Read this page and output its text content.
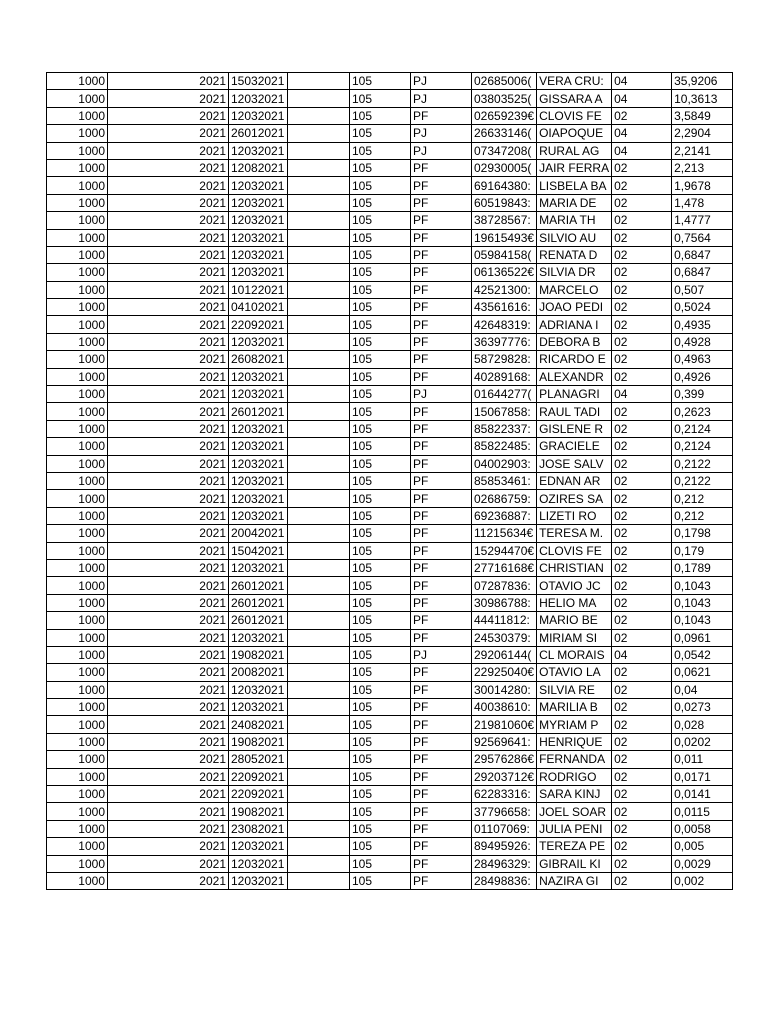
1000	2021	15032021		105	PJ	02685006(	VERA CRU:	04	35,9206
1000	2021	12032021		105	PJ	03803525(	GISSARA A	04	10,3613
1000	2021	12032021		105	PF	02659239€	CLOVIS FE	02	3,5849
1000	2021	26012021		105	PJ	26633146(	OIAPOQUE	04	2,2904
1000	2021	12032021		105	PJ	07347208(	RURAL AG	04	2,2141
1000	2021	12082021		105	PF	02930005(	JAIR FERRA	02	2,213
1000	2021	12032021		105	PF	69164380:	LISBELA BA	02	1,9678
1000	2021	12032021		105	PF	60519843:	MARIA DE	02	1,478
1000	2021	12032021		105	PF	38728567:	MARIA TH	02	1,4777
1000	2021	12032021		105	PF	19615493€	SILVIO AU	02	0,7564
1000	2021	12032021		105	PF	05984158(	RENATA D	02	0,6847
1000	2021	12032021		105	PF	06136522€	SILVIA DR	02	0,6847
1000	2021	10122021		105	PF	42521300:	MARCELO	02	0,507
1000	2021	04102021		105	PF	43561616:	JOAO PEDI	02	0,5024
1000	2021	22092021		105	PF	42648319:	ADRIANA I	02	0,4935
1000	2021	12032021		105	PF	36397776:	DEBORA B	02	0,4928
1000	2021	26082021		105	PF	58729828:	RICARDO E	02	0,4963
1000	2021	12032021		105	PF	40289168:	ALEXANDR	02	0,4926
1000	2021	12032021		105	PJ	01644277(	PLANAGRI	04	0,399
1000	2021	26012021		105	PF	15067858:	RAUL TADI	02	0,2623
1000	2021	12032021		105	PF	85822337:	GISLENE R	02	0,2124
1000	2021	12032021		105	PF	85822485:	GRACIELE	02	0,2124
1000	2021	12032021		105	PF	04002903:	JOSE SALV	02	0,2122
1000	2021	12032021		105	PF	85853461:	EDNAN AR	02	0,2122
1000	2021	12032021		105	PF	02686759:	OZIRES SA	02	0,212
1000	2021	12032021		105	PF	69236887:	LIZETI RO	02	0,212
1000	2021	20042021		105	PF	11215634€	TERESA M.	02	0,1798
1000	2021	15042021		105	PF	15294470€	CLOVIS FE	02	0,179
1000	2021	12032021		105	PF	27716168€	CHRISTIAN	02	0,1789
1000	2021	26012021		105	PF	07287836:	OTAVIO JC	02	0,1043
1000	2021	26012021		105	PF	30986788:	HELIO MA	02	0,1043
1000	2021	26012021		105	PF	44411812:	MARIO BE	02	0,1043
1000	2021	12032021		105	PF	24530379:	MIRIAM SI	02	0,0961
1000	2021	19082021		105	PJ	29206144(	CL MORAIS	04	0,0542
1000	2021	20082021		105	PF	22925040€	OTAVIO LA	02	0,0621
1000	2021	12032021		105	PF	30014280:	SILVIA RE	02	0,04
1000	2021	12032021		105	PF	40038610:	MARILIA B	02	0,0273
1000	2021	24082021		105	PF	21981060€	MYRIAM P	02	0,028
1000	2021	19082021		105	PF	92569641:	HENRIQUE	02	0,0202
1000	2021	28052021		105	PF	29576286€	FERNANDA	02	0,011
1000	2021	22092021		105	PF	29203712€	RODRIGO	02	0,0171
1000	2021	22092021		105	PF	62283316:	SARA KINJ	02	0,0141
1000	2021	19082021		105	PF	37796658:	JOEL SOAR	02	0,0115
1000	2021	23082021		105	PF	01107069:	JULIA PENI	02	0,0058
1000	2021	12032021		105	PF	89495926:	TEREZA PE	02	0,005
1000	2021	12032021		105	PF	28496329:	GIBRAIL KI	02	0,0029
1000	2021	12032021		105	PF	28498836:	NAZIRA GI	02	0,002
